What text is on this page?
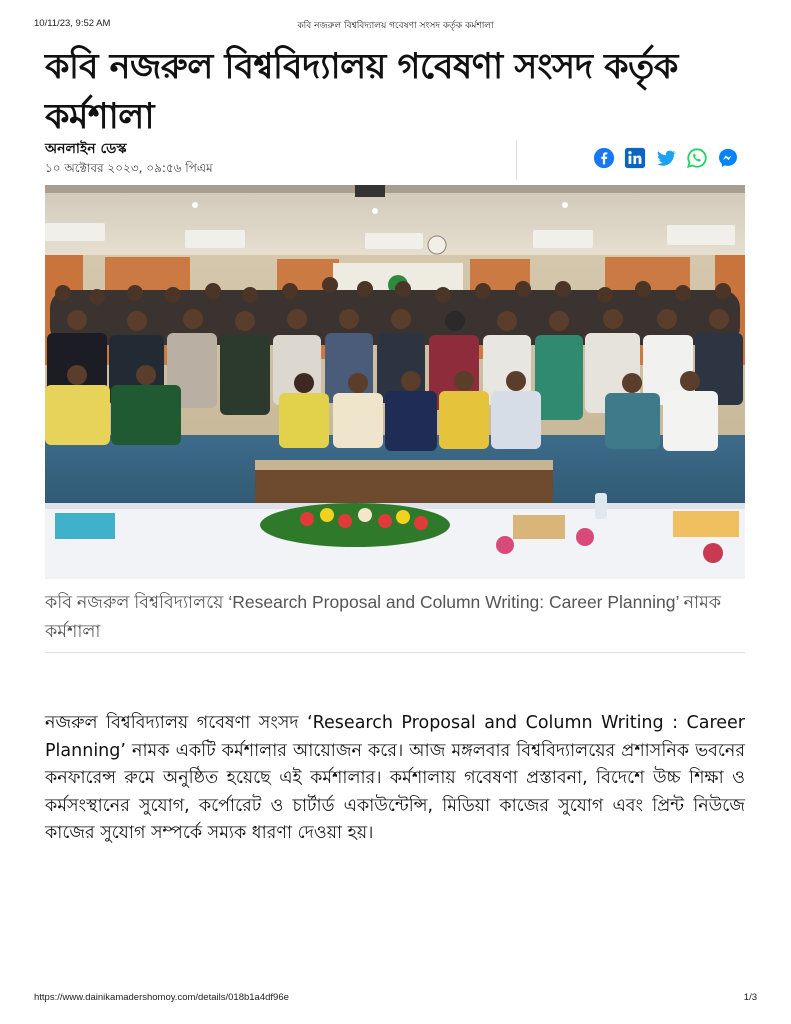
10/11/23, 9:52 AM	কবি নজরুল বিশ্ববিদ্যালয় গবেষণা সংসদ কর্তৃক কর্মশালা
কবি নজরুল বিশ্ববিদ্যালয় গবেষণা সংসদ কর্তৃক কর্মশালা
অনলাইন ডেস্ক
১০ অক্টোবর ২০২৩, ০৯:৫৬ পিএম

কবি নজরুল বিশ্ববিদ্যালয়ে ‘Research Proposal and Column Writing: Career Planning’ নামক কর্মশালা

নজরুল বিশ্ববিদ্যালয় গবেষণা সংসদ ‘Research Proposal and Column Writing : Career Planning’ নামক একটি কর্মশালার আয়োজন করে। আজ মঙ্গলবার বিশ্ববিদ্যালয়ের প্রশাসনিক ভবনের কনফারেন্স রুমে অনুষ্ঠিত হয়েছে এই কর্মশালার। কর্মশালায় গবেষণা প্রস্তাবনা, বিদেশে উচ্চ শিক্ষা ও কর্মসংস্থানের সুযোগ, কর্পোরেট ও চার্টার্ড একাউন্টেন্সি, মিডিয়া কাজের সুযোগ এবং প্রিন্ট নিউজে কাজের সুযোগ সম্পর্কে সম্যক ধারণা দেওয়া হয়।

https://www.dainikamadershomoy.com/details/018b1a4df96e	1/3
